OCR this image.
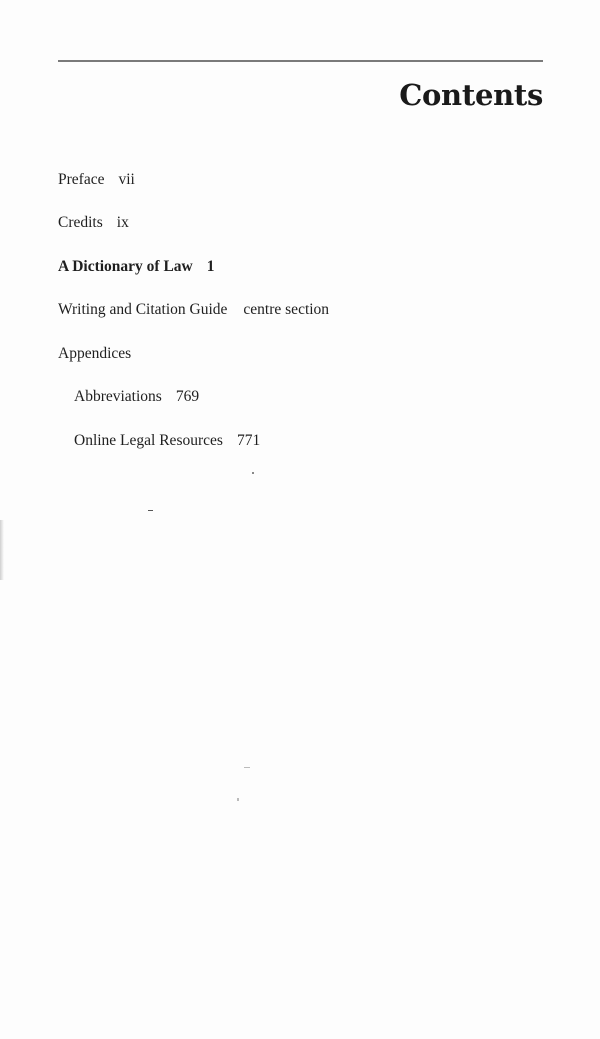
Contents
Preface vii
Credits ix
A Dictionary of Law 1
Writing and Citation Guide centre section
Appendices
Abbreviations 769
Online Legal Resources 771
